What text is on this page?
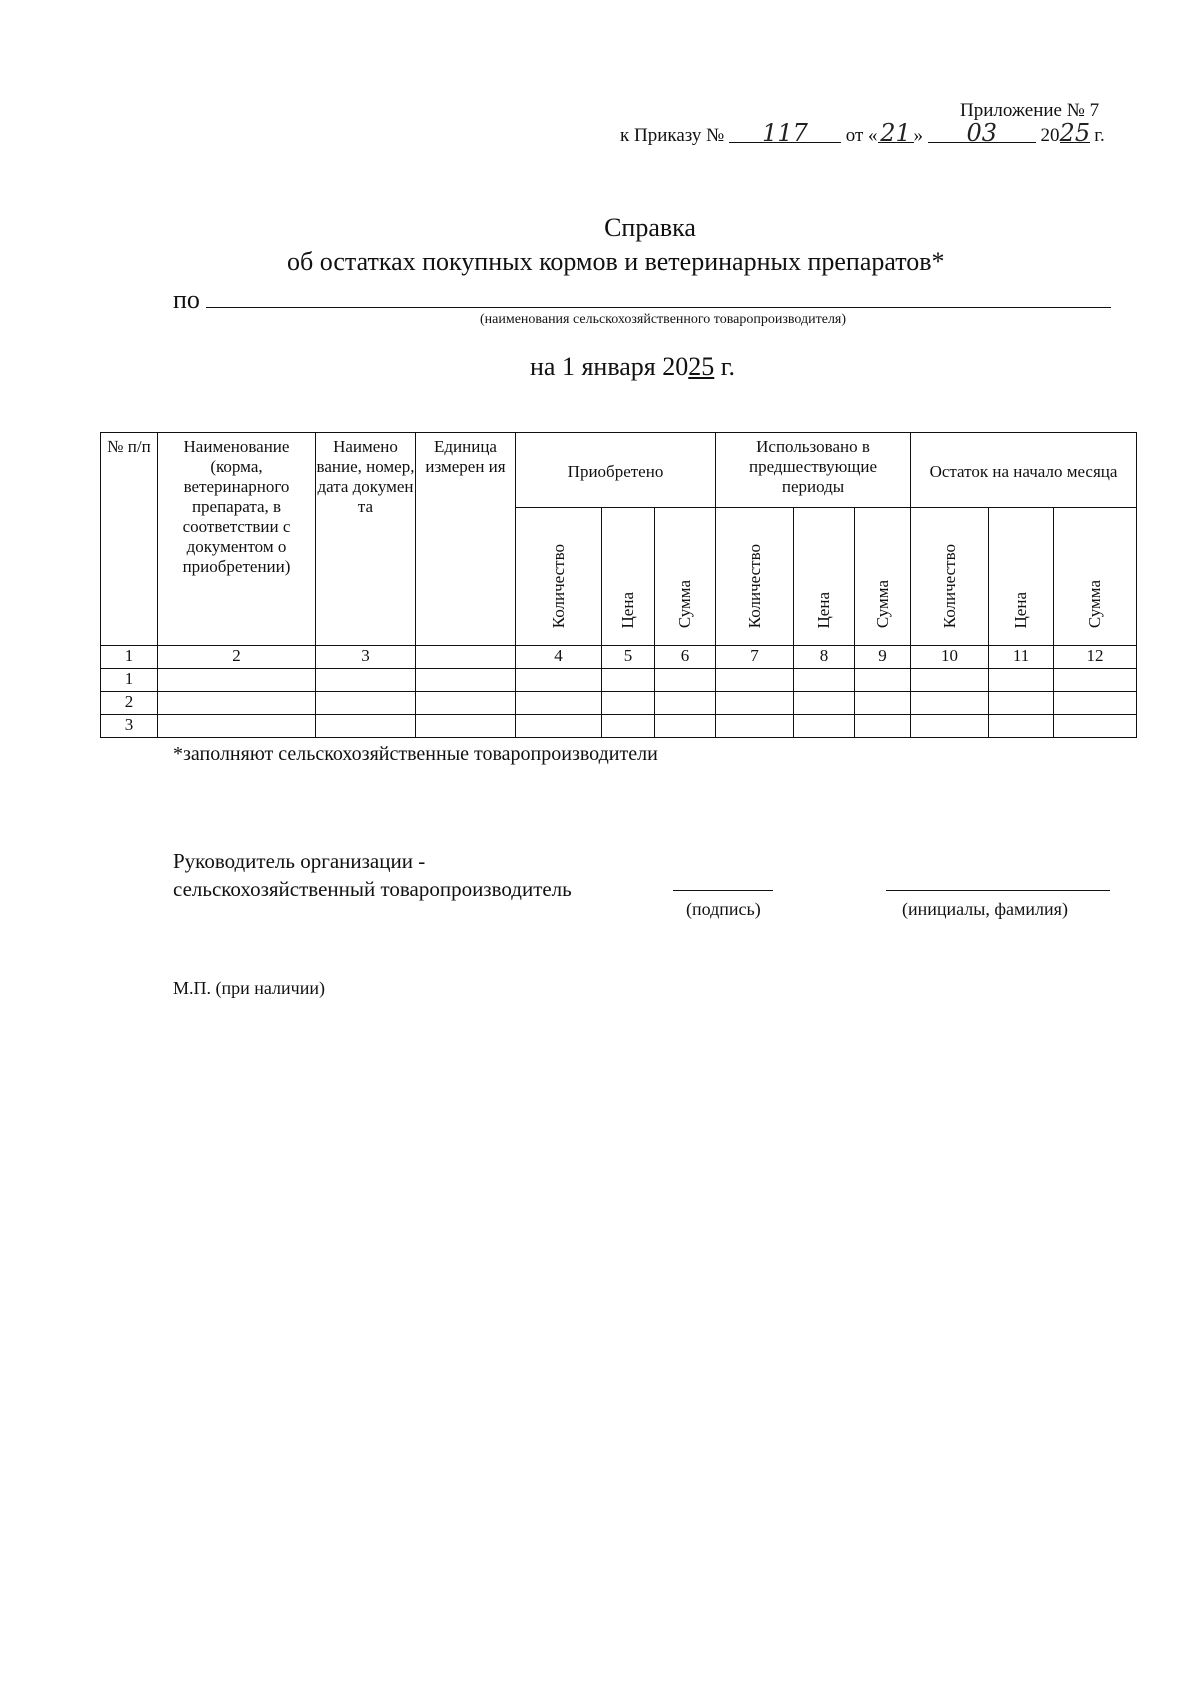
Приложение № 7
к Приказу № 117 от « 21 » 03 2025 г.
Справка
об остатках покупных кормов и ветеринарных препаратов*
по
(наименования сельскохозяйственного товаропроизводителя)
на 1 января 2025 г.
№ п/п	Наименование (корма, ветеринарного препарата, в соответствии с документом о приобретении)	Наимено вание, номер, дата докумен та	Единица измерен ия	Приобретено			Использовано в предшествующие периоды			Остаток на начало месяца		
				Количество	Цена	Сумма	Количество	Цена	Сумма	Количество	Цена	Сумма
1	2	3		4	5	6	7	8	9	10	11	12
1												
2												
3												
*заполняют сельскохозяйственные товаропроизводители
Руководитель организации -
сельскохозяйственный товаропроизводитель
(подпись)	(инициалы, фамилия)
М.П. (при наличии)
